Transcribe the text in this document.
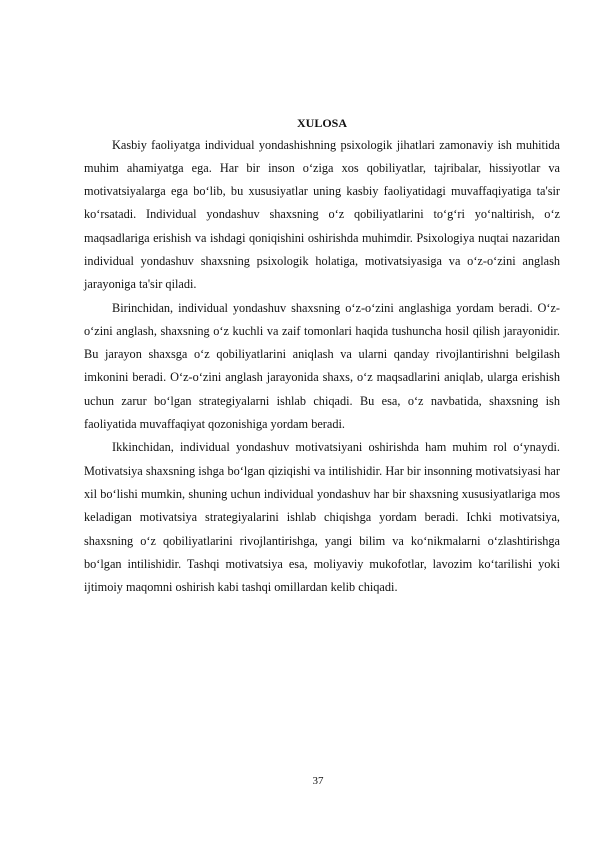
XULOSA

Kasbiy faoliyatga individual yondashishning psixologik jihatlari zamonaviy ish muhitida muhim ahamiyatga ega. Har bir inson o‘ziga xos qobiliyatlar, tajribalar, hissiyotlar va motivatsiyalarga ega bo‘lib, bu xususiyatlar uning kasbiy faoliyatidagi muvaffaqiyatiga ta'sir ko‘rsatadi. Individual yondashuv shaxsning o‘z qobiliyatlarini to‘g‘ri yo‘naltirish, o‘z maqsadlariga erishish va ishdagi qoniqishini oshirishda muhimdir. Psixologiya nuqtai nazaridan individual yondashuv shaxsning psixologik holatiga, motivatsiyasiga va o‘z-o‘zini anglash jarayoniga ta'sir qiladi.

Birinchidan, individual yondashuv shaxsning o‘z-o‘zini anglashiga yordam beradi. O‘z-o‘zini anglash, shaxsning o‘z kuchli va zaif tomonlari haqida tushuncha hosil qilish jarayonidir. Bu jarayon shaxsga o‘z qobiliyatlarini aniqlash va ularni qanday rivojlantirishni belgilash imkonini beradi. O‘z-o‘zini anglash jarayonida shaxs, o‘z maqsadlarini aniqlab, ularga erishish uchun zarur bo‘lgan strategiyalarni ishlab chiqadi. Bu esa, o‘z navbatida, shaxsning ish faoliyatida muvaffaqiyat qozonishiga yordam beradi.

Ikkinchidan, individual yondashuv motivatsiyani oshirishda ham muhim rol o‘ynaydi. Motivatsiya shaxsning ishga bo‘lgan qiziqishi va intilishidir. Har bir insonning motivatsiyasi har xil bo‘lishi mumkin, shuning uchun individual yondashuv har bir shaxsning xususiyatlariga mos keladigan motivatsiya strategiyalarini ishlab chiqishga yordam beradi. Ichki motivatsiya, shaxsning o‘z qobiliyatlarini rivojlantirishga, yangi bilim va ko‘nikmalarni o‘zlashtirishga bo‘lgan intilishidir. Tashqi motivatsiya esa, moliyaviy mukofotlar, lavozim ko‘tarilishi yoki ijtimoiy maqomni oshirish kabi tashqi omillardan kelib chiqadi.

37
